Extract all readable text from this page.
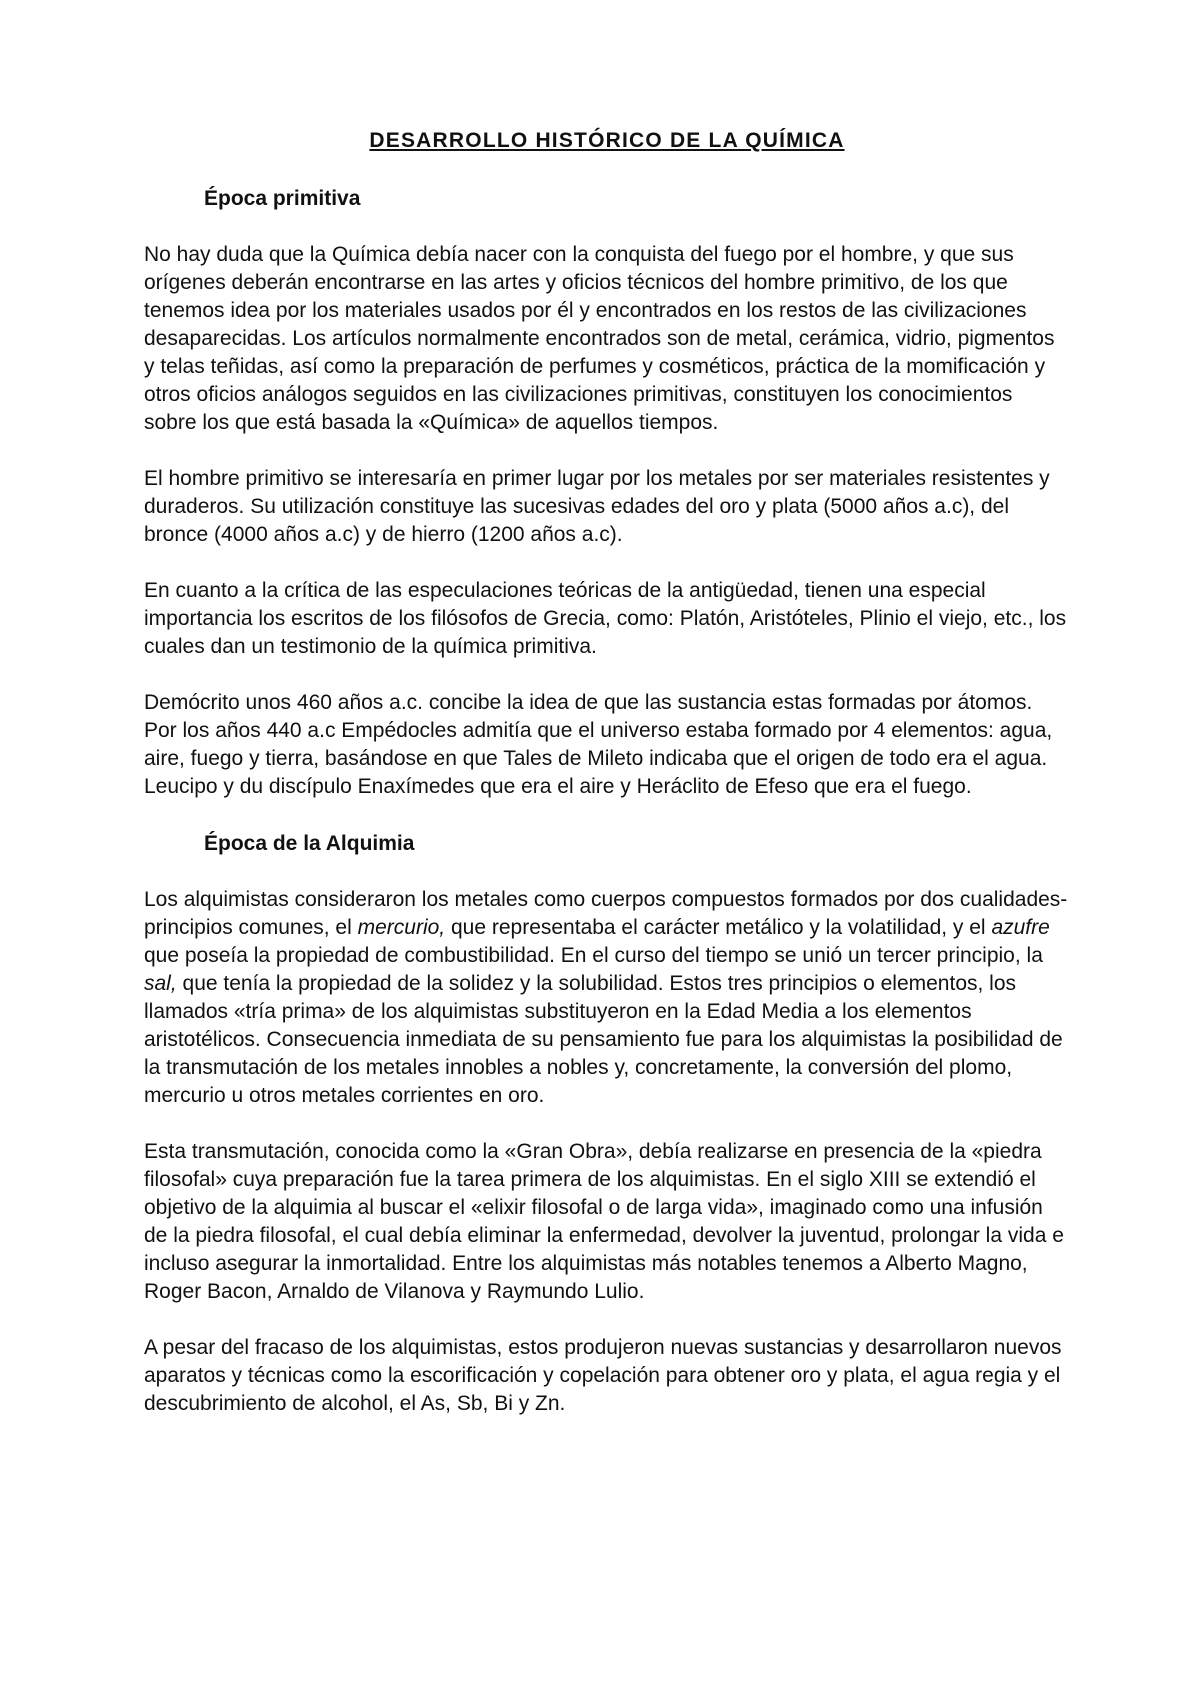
DESARROLLO HISTÓRICO DE LA QUÍMICA
Época primitiva

No hay duda que la Química debía nacer con la conquista del fuego por el hombre, y que sus orígenes deberán encontrarse en las artes y oficios técnicos del hombre primitivo, de los que tenemos idea por los materiales usados por él y encontrados en los restos de las civilizaciones desaparecidas. Los artículos normalmente encontrados son de metal, cerámica, vidrio, pigmentos y telas teñidas, así como la preparación de perfumes y cosméticos, práctica de la momificación y otros oficios análogos seguidos en las civilizaciones primitivas, constituyen los conocimientos sobre los que está basada la «Química» de aquellos tiempos.

El hombre primitivo se interesaría en primer lugar por los metales por ser materiales resistentes y duraderos. Su utilización constituye las sucesivas edades del oro y plata (5000 años a.c), del bronce (4000 años a.c) y de hierro (1200 años a.c).

En cuanto a la crítica de las especulaciones teóricas de la antigüedad, tienen una especial importancia los escritos de los filósofos de Grecia, como: Platón, Aristóteles, Plinio el viejo, etc., los cuales dan un testimonio de la química primitiva.

Demócrito unos 460 años a.c. concibe la idea de que las sustancia estas formadas por átomos. Por los años 440 a.c Empédocles admitía que el universo estaba formado por 4 elementos: agua, aire, fuego y tierra, basándose en que Tales de Mileto indicaba que el origen de todo era el agua. Leucipo y du discípulo Enaxímedes que era el aire y Heráclito de Efeso que era el fuego.

Época de la Alquimia

Los alquimistas consideraron los metales como cuerpos compuestos formados por dos cualidades-principios comunes, el mercurio, que representaba el carácter metálico y la volatilidad, y el azufre que poseía la propiedad de combustibilidad. En el curso del tiempo se unió un tercer principio, la sal, que tenía la propiedad de la solidez y la solubilidad. Estos tres principios o elementos, los llamados «tría prima» de los alquimistas substituyeron en la Edad Media a los elementos aristotélicos. Consecuencia inmediata de su pensamiento fue para los alquimistas la posibilidad de la transmutación de los metales innobles a nobles y, concretamente, la conversión del plomo, mercurio u otros metales corrientes en oro.

Esta transmutación, conocida como la «Gran Obra», debía realizarse en presencia de la «piedra filosofal» cuya preparación fue la tarea primera de los alquimistas. En el siglo XIII se extendió el objetivo de la alquimia al buscar el «elixir filosofal o de larga vida», imaginado como una infusión de la piedra filosofal, el cual debía eliminar la enfermedad, devolver la juventud, prolongar la vida e incluso asegurar la inmortalidad. Entre los alquimistas más notables tenemos a Alberto Magno, Roger Bacon, Arnaldo de Vilanova y Raymundo Lulio.

A pesar del fracaso de los alquimistas, estos produjeron nuevas sustancias y desarrollaron nuevos aparatos y técnicas como la escorificación y copelación para obtener oro y plata, el agua regia y el descubrimiento de alcohol, el As, Sb, Bi y Zn.
